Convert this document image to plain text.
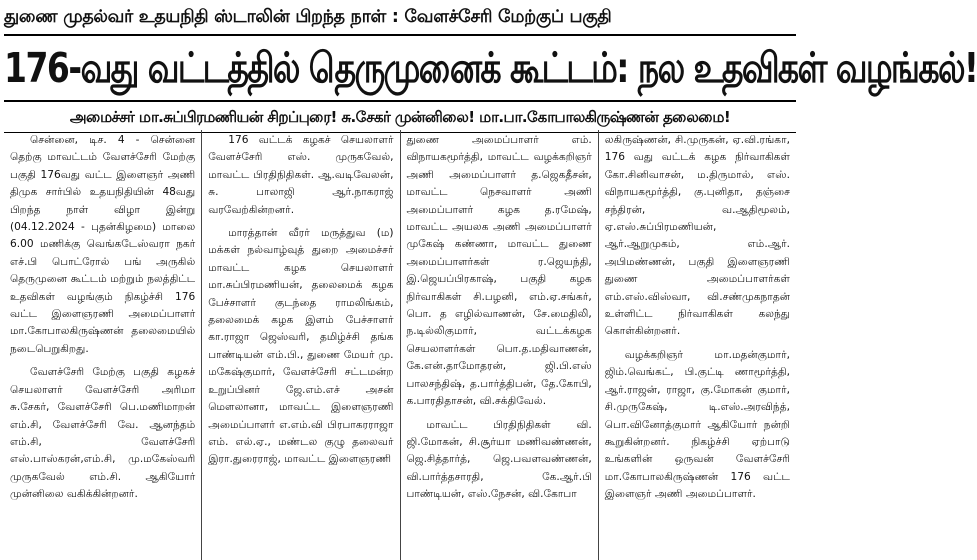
துணை முதல்வர் உதயநிதி ஸ்டாலின் பிறந்த நாள் : வேளச்சேரி மேற்குப் பகுதி
176-வது வட்டத்தில் தெருமுனைக் கூட்டம்: நல உதவிகள் வழங்கல்!
அமைச்சர் மா.சுப்பிரமணியன் சிறப்புரை! சு.சேகர் முன்னிலை! மா.பா.கோபாலகிருஷ்ணன் தலைமை!

சென்னை, டிச. 4 - சென்னை தெற்கு மாவட்டம் வேளச்சேரி மேற்கு பகுதி 176வது வட்ட இளைஞர் அணி திமுக சார்பில் உதயநிதியின் 48வது பிறந்த நாள் விழா இன்று (04.12.2024 - புதன்கிழமை) மாலை 6.00 மணிக்கு வெங்கடேஸ்வரா நகர் எச்.பி பொட்ரோல் பங் அருகில் தெருமுனை கூட்டம் மற்றும் நலத்திட்ட உதவிகள் வழங்கும் நிகழ்ச்சி 176 வட்ட இளைஞரணி அமைப்பாளர் மா.கோபாலகிருஷ்ணன் தலைமையில் நடைபெறுகிறது.

வேளச்சேரி மேற்கு பகுதி கழகச் செயலாளர் வேளச்சேரி அரிமா சு.சேகர், வேளச்சேரி பெ.மணிமாறன் எம்.சி, வேளச்சேரி வே. ஆனந்தம் எம்.சி, வேளச்சேரி எஸ்.பாஸ்கரன்,எம்.சி, மு.மகேஸ்வரி முருகவேல் எம்.சி. ஆகியோர் முன்னிலை வகிக்கின்றனர்.

176 வட்டக் கழகச் செயலாளர் வேளச்சேரி எஸ். முருகவேல், மாவட்ட பிரதிநிதிகள். ஆ.வடிவேலன், சு. பாலாஜி ஆர்.நாகராஜ் வரவேற்கின்றனர்.

மாரத்தான் வீரர் மருத்துவ (ம) மக்கள் நல்வாழ்வுத் துறை அமைச்சர் மாவட்ட கழக செயலாளர் மா.சுப்பிரமணியன், தலைமைக் கழக பேச்சாளர் குடந்தை ராமலிங்கம், தலைமைக் கழக இளம் பேச்சாளர் கா.ராஜா ஜெஸ்வரி, தமிழ்ச்சி தங்க பாண்டியன் எம்.பி., துணை மேயர் மு. மகேஷ்குமார், வேளச்சேரி சட்டமன்ற உறுப்பினர் ஜே.எம்.எச் அசன் மௌலானா, மாவட்ட இளைஞரணி அமைப்பாளர் எ.எம்.வி பிரபாகரராஜா எம். எல்.ஏ., மண்டல குழு தலைவர் இரா.துரைராஜ், மாவட்ட இளைஞரணி

துணை அமைப்பாளர் எம். விநாயகமூர்த்தி, மாவட்ட வழக்கறிஞர் அணி அமைப்பாளர் த.ஜெகதீசன், மாவட்ட நெசவாளர் அணி அமைப்பாளர் கழக த.ரமேஷ், மாவட்ட அயலக அணி அமைப்பாளர் முகேஷ் கண்ணா, மாவட்ட துணை அமைப்பாளர்கள் ர.ஜெயந்தி, இ.ஜெயப்பிரகாஷ், பகுதி கழக நிர்வாகிகள் சி.பழனி, எம்.ஏ.சங்கர், பொ. த எழில்வாணன், சே.மைதிலி, ந.டில்லிகுமார், வட்டக்கழக செயலாளர்கள் பொ.த.மதிவாணன், கே.என்.தாமோதரன், ஜி.பி.எஸ் பாலசந்திஷ், த.பார்த்திபன், தே.கோபி, க.பாரதிதாசன், வி.சக்திவேல்.

மாவட்ட பிரதிநிதிகள் வி. ஜி.மோகன், சி.சூர்யா மணிவண்ணன், ஜெ.சித்தார்த், ஜெ.பவளவண்ணன், வி.பார்த்தசாரதி, கே.ஆர்.பி பாண்டியன், எஸ்.நேசன், வி.கோபா

லகிருஷ்ணன், சி.முருகன், ஏ.வி.ரங்கா, 176 வது வட்டக் கழக நிர்வாகிகள் கோ.சினிவாசன், ம.திருமால், எஸ். விநாயகமூர்த்தி, கு.புனிதா, தஞ்சை சந்திரன், வ.ஆதிமூலம், ஏ.எஸ்.சுப்பிரமணியன், ஆர்.ஆறுமுகம், எம்.ஆர். அபிமண்ணன், பகுதி இளைஞரணி துணை அமைப்பாளர்கள் எம்.எஸ்.விஸ்வா, வி.சண்முகநாதன் உள்ளிட்ட நிர்வாகிகள் கலந்து கொள்கின்றனர்.

வழக்கறிஞர் மா.மதன்குமார், ஜிம்.வெங்கட், பி.குட்டி ணாமூர்த்தி, ஆர்.ராஜன், ராஜா, கு.மோகன் குமார், சி.முருகேஷ், டி.எஸ்.அரவிந்த், பொ.வினோத்குமார் ஆகியோர் நன்றி கூறுகின்றனர். நிகழ்ச்சி ஏற்பாடு உங்களின் ஒருவன் வேளச்சேரி மா.கோபாலகிருஷ்ணன் 176 வட்ட இளைஞர் அணி அமைப்பாளர்.
